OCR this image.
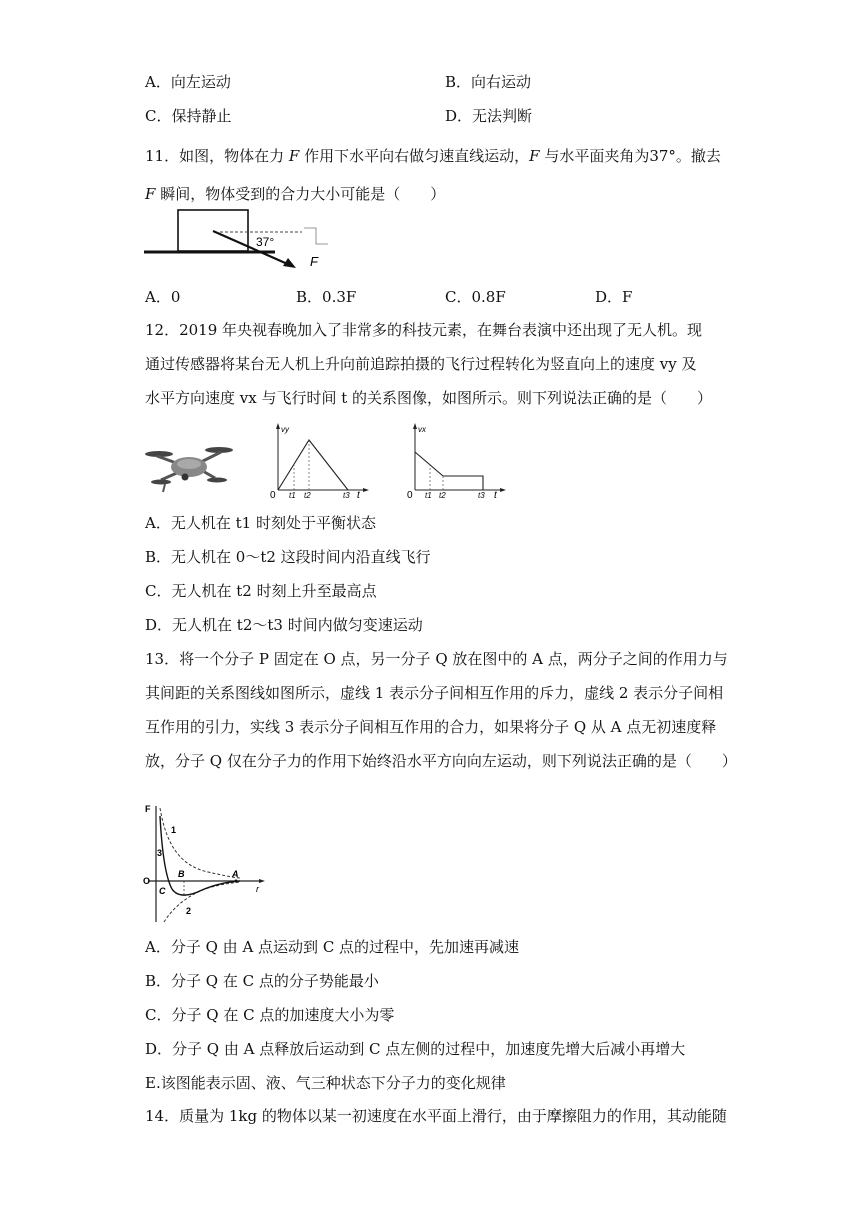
A．向左运动	B．向右运动
C．保持静止	D．无法判断
11．如图，物体在力 F 作用下水平向右做匀速直线运动，F 与水平面夹角为37°。撤去
F 瞬间，物体受到的合力大小可能是（　　）
37°
F
A．0	B．0.3F	C．0.8F	D．F
12．2019 年央视春晚加入了非常多的科技元素，在舞台表演中还出现了无人机。现
通过传感器将某台无人机上升向前追踪拍摄的飞行过程转化为竖直向上的速度 vy 及
水平方向速度 vx 与飞行时间 t 的关系图像，如图所示。则下列说法正确的是（　　）
vy
0 t1 t2	t3 t
vx
0 t1 t2	t3 t
A．无人机在 t1 时刻处于平衡状态
B．无人机在 0～t2 这段时间内沿直线飞行
C．无人机在 t2 时刻上升至最高点
D．无人机在 t2～t3 时间内做匀变速运动
13．将一个分子 P 固定在 O 点，另一分子 Q 放在图中的 A 点，两分子之间的作用力与
其间距的关系图线如图所示，虚线 1 表示分子间相互作用的斥力，虚线 2 表示分子间相
互作用的引力，实线 3 表示分子间相互作用的合力，如果将分子 Q 从 A 点无初速度释
放，分子 Q 仅在分子力的作用下始终沿水平方向向左运动，则下列说法正确的是（　　）
F
O
r
A
B
C
1
2
3
A．分子 Q 由 A 点运动到 C 点的过程中，先加速再减速
B．分子 Q 在 C 点的分子势能最小
C．分子 Q 在 C 点的加速度大小为零
D．分子 Q 由 A 点释放后运动到 C 点左侧的过程中，加速度先增大后减小再增大
E.该图能表示固、液、气三种状态下分子力的变化规律
14．质量为 1kg 的物体以某一初速度在水平面上滑行，由于摩擦阻力的作用，其动能随
